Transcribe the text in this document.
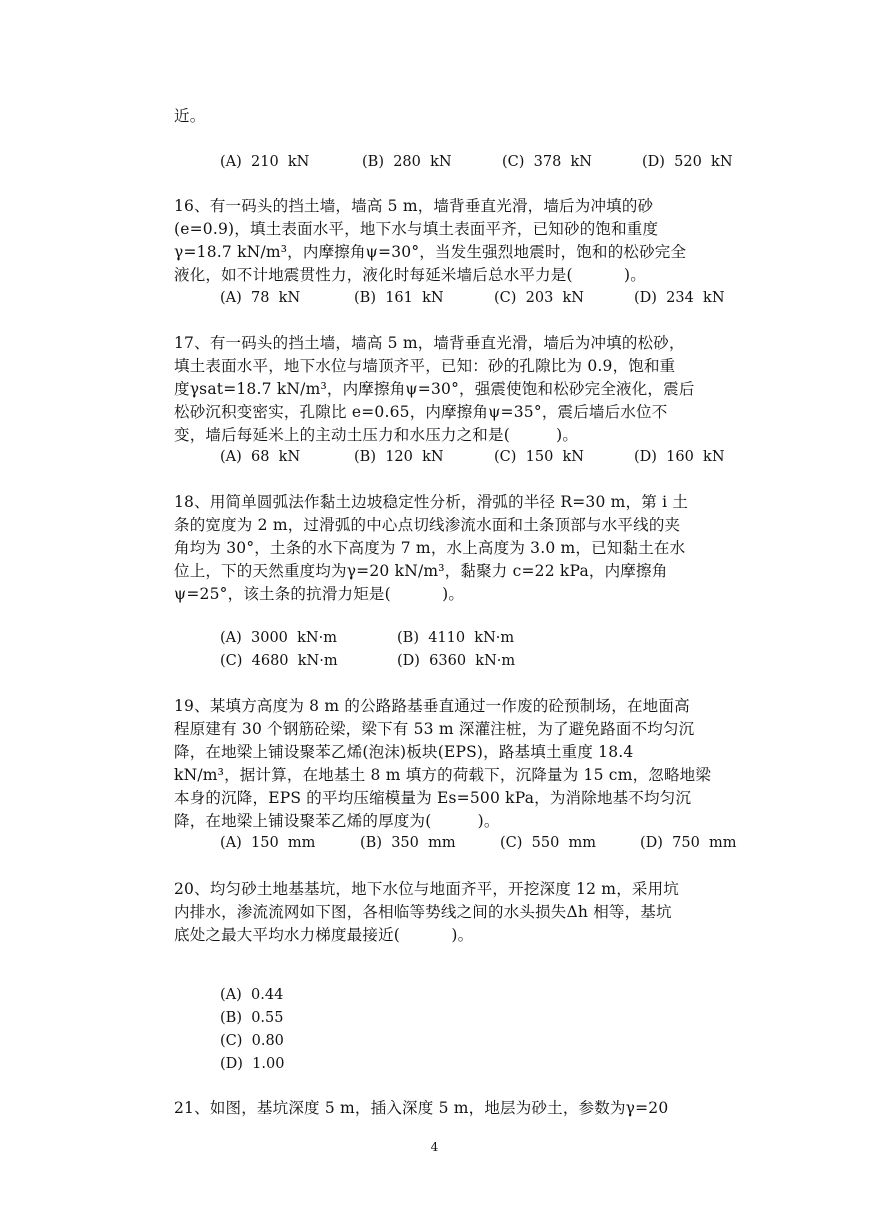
近。
(A)  210  kN	(B)  280  kN	(C)  378  kN	(D)  520  kN
16、有一码头的挡土墙，墙高 5 m，墙背垂直光滑，墙后为冲填的砂
(e=0.9)，填土表面水平，地下水与填土表面平齐，已知砂的饱和重度
γ=18.7 kN/m³，内摩擦角ψ=30°，当发生强烈地震时，饱和的松砂完全
液化，如不计地震贯性力，液化时每延米墙后总水平力是(          )。
(A)  78  kN	(B)  161  kN	(C)  203  kN	(D)  234  kN
17、有一码头的挡土墙，墙高 5 m，墙背垂直光滑，墙后为冲填的松砂，
填土表面水平，地下水位与墙顶齐平，已知：砂的孔隙比为 0.9，饱和重
度γsat=18.7 kN/m³，内摩擦角ψ=30°，强震使饱和松砂完全液化，震后
松砂沉积变密实，孔隙比 e=0.65，内摩擦角ψ=35°，震后墙后水位不
变，墙后每延米上的主动土压力和水压力之和是(         )。
(A)  68  kN	(B)  120  kN	(C)  150  kN	(D)  160  kN
18、用简单圆弧法作黏土边坡稳定性分析，滑弧的半径 R=30 m，第 i 土
条的宽度为 2 m，过滑弧的中心点切线渗流水面和土条顶部与水平线的夹
角均为 30°，土条的水下高度为 7 m，水上高度为 3.0 m，已知黏土在水
位上，下的天然重度均为γ=20 kN/m³，黏聚力 c=22 kPa，内摩擦角
ψ=25°，该土条的抗滑力矩是(          )。
(A)  3000  kN·m	(B)  4110  kN·m
(C)  4680  kN·m	(D)  6360  kN·m
19、某填方高度为 8 m 的公路路基垂直通过一作废的砼预制场，在地面高
程原建有 30 个钢筋砼梁，梁下有 53 m 深灌注桩，为了避免路面不均匀沉
降，在地梁上铺设聚苯乙烯(泡沫)板块(EPS)，路基填土重度 18.4
kN/m³，据计算，在地基土 8 m 填方的荷载下，沉降量为 15 cm，忽略地梁
本身的沉降，EPS 的平均压缩模量为 Es=500 kPa，为消除地基不均匀沉
降，在地梁上铺设聚苯乙烯的厚度为(         )。
(A)  150  mm	(B)  350  mm	(C)  550  mm	(D)  750  mm
20、均匀砂土地基基坑，地下水位与地面齐平，开挖深度 12 m，采用坑
内排水，渗流流网如下图，各相临等势线之间的水头损失Δh 相等，基坑
底处之最大平均水力梯度最接近(          )。
(A)  0.44
(B)  0.55
(C)  0.80
(D)  1.00
21、如图，基坑深度 5 m，插入深度 5 m，地层为砂土，参数为γ=20
4
